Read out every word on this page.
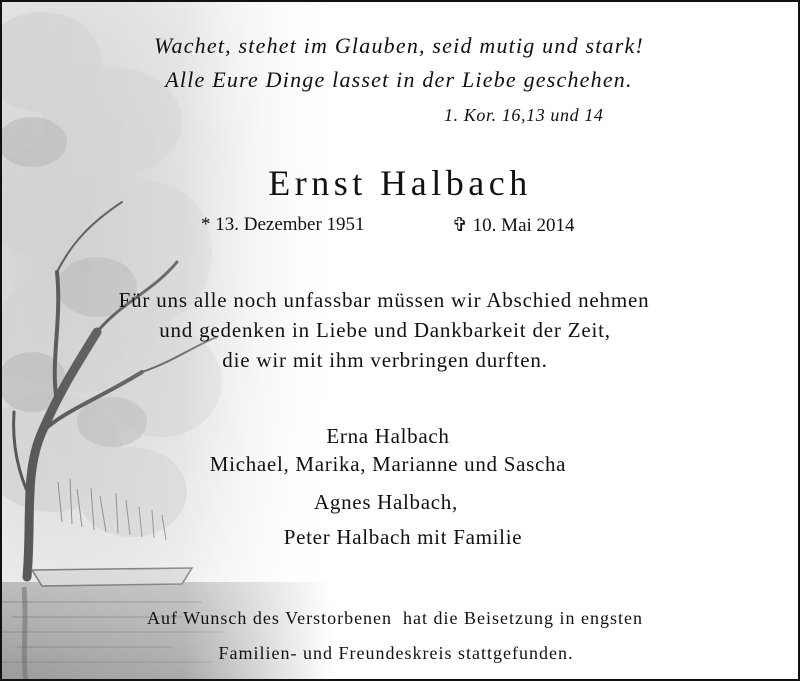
Wachet, stehet im Glauben, seid mutig und stark!
Alle Eure Dinge lasset in der Liebe geschehen.
1. Kor. 16,13 und 14
Ernst Halbach
* 13. Dezember 1951	✞ 10. Mai 2014
Für uns alle noch unfassbar müssen wir Abschied nehmen
und gedenken in Liebe und Dankbarkeit der Zeit,
die wir mit ihm verbringen durften.
Erna Halbach
Michael, Marika, Marianne und Sascha
Agnes Halbach,
Peter Halbach mit Familie
Auf Wunsch des Verstorbenen  hat die Beisetzung in engsten
Familien- und Freundeskreis stattgefunden.
